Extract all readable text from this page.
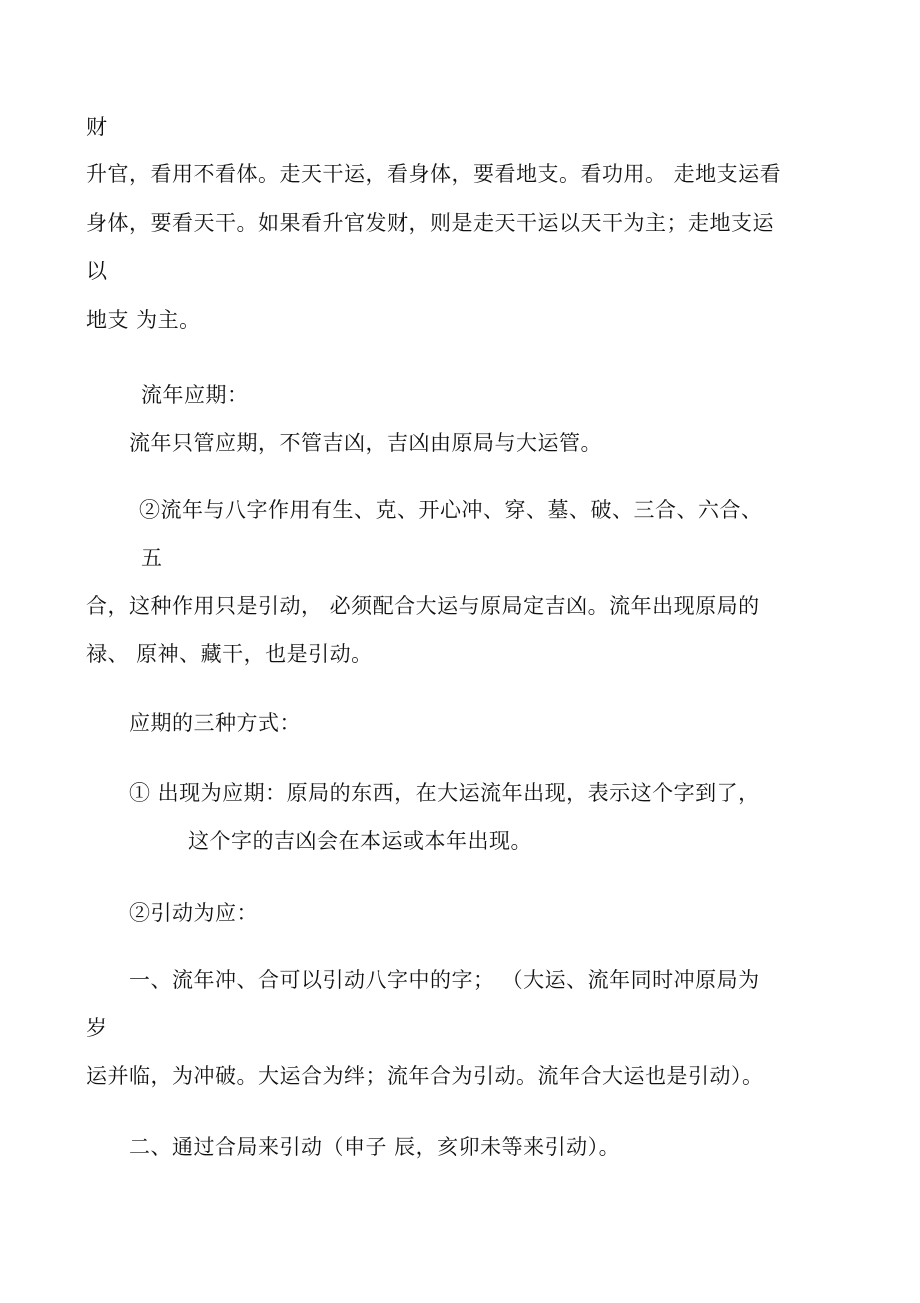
财
升官，看用不看体。走天干运，看身体，要看地支。看功用。 走地支运看
身体，要看天干。如果看升官发财，则是走天干运以天干为主；走地支运
以
地支 为主。
流年应期：
流年只管应期，不管吉凶，吉凶由原局与大运管。
②流年与八字作用有生、克、开心冲、穿、墓、破、三合、六合、
五
合，这种作用只是引动， 必须配合大运与原局定吉凶。流年出现原局的
禄、 原神、藏干，也是引动。
应期的三种方式：
① 出现为应期：原局的东西，在大运流年出现，表示这个字到了，
这个字的吉凶会在本运或本年出现。
②引动为应：
一、流年冲、合可以引动八字中的字； （大运、流年同时冲原局为
岁
运并临，为冲破。大运合为绊；流年合为引动。流年合大运也是引动）。
二、通过合局来引动（申子 辰，亥卯未等来引动）。
